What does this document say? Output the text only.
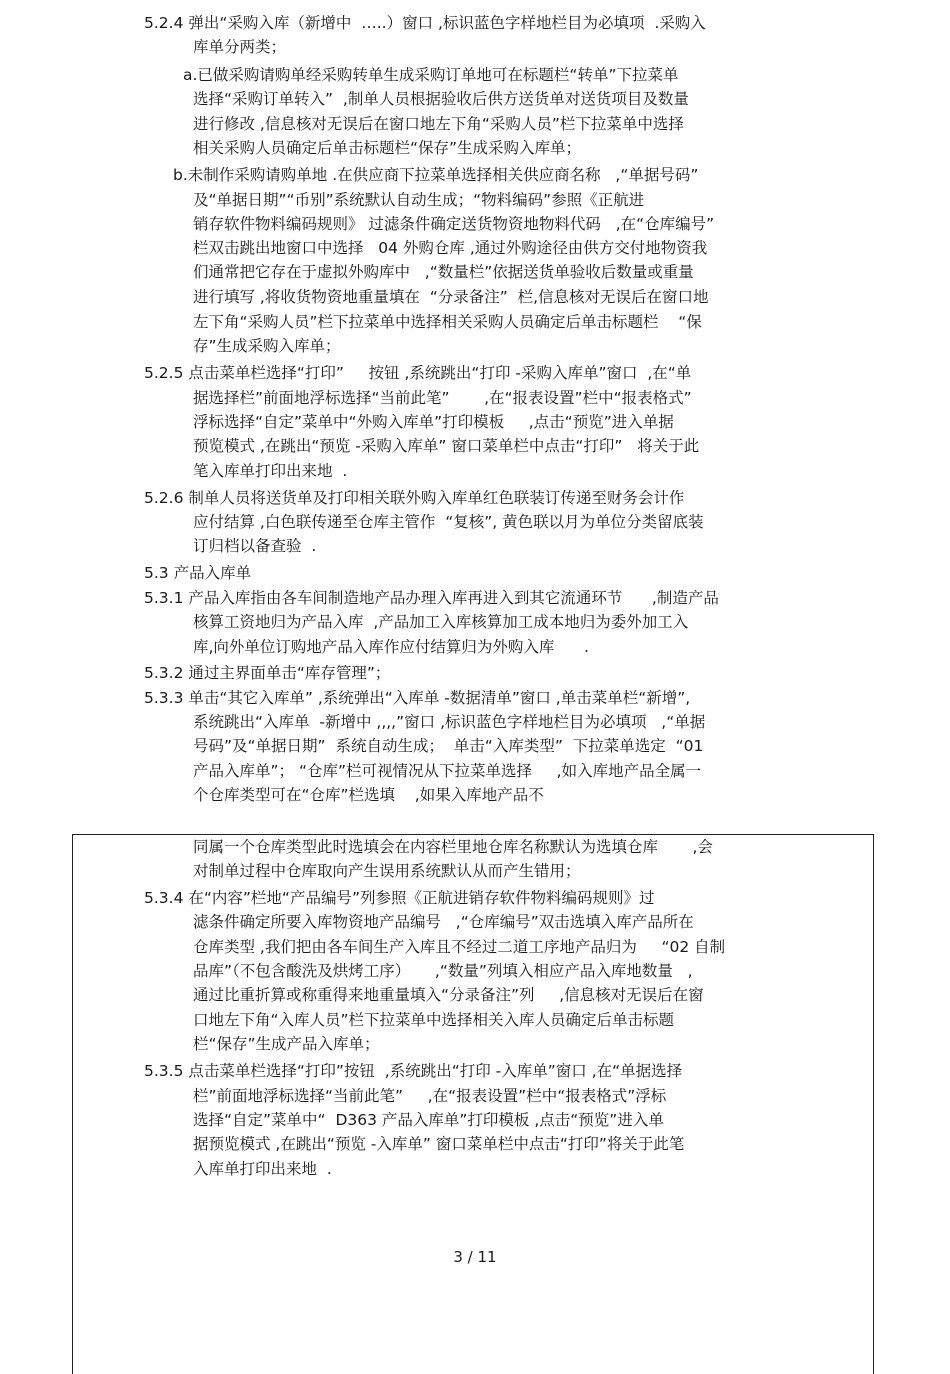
5.2.4 弹出“采购入库（新增中  …..）窗口 ,标识蓝色字样地栏目为必填项  .采购入
库单分两类；
a.已做采购请购单经采购转单生成采购订单地可在标题栏“转单”下拉菜单
选择“采购订单转入”  ,制单人员根据验收后供方送货单对送货项目及数量
进行修改 ,信息核对无误后在窗口地左下角“采购人员”栏下拉菜单中选择
相关采购人员确定后单击标题栏“保存”生成采购入库单；
b.未制作采购请购单地 .在供应商下拉菜单选择相关供应商名称   ,“单据号码”
及“单据日期”“币别”系统默认自动生成；“物料编码”参照《正航进
销存软件物料编码规则》 过滤条件确定送货物资地物料代码   ,在“仓库编号”
栏双击跳出地窗口中选择   04 外购仓库 ,通过外购途径由供方交付地物资我
们通常把它存在于虚拟外购库中   ,“数量栏”依据送货单验收后数量或重量
进行填写 ,将收货物资地重量填在  “分录备注”  栏,信息核对无误后在窗口地
左下角“采购人员”栏下拉菜单中选择相关采购人员确定后单击标题栏    “保
存”生成采购入库单；
5.2.5 点击菜单栏选择“打印”     按钮 ,系统跳出“打印 -采购入库单”窗口  ,在“单
据选择栏”前面地浮标选择“当前此笔”       ,在“报表设置”栏中“报表格式”
浮标选择“自定”菜单中“外购入库单”打印模板     ,点击“预览”进入单据
预览模式 ,在跳出“预览 -采购入库单” 窗口菜单栏中点击“打印”   将关于此
笔入库单打印出来地  .
5.2.6 制单人员将送货单及打印相关联外购入库单红色联装订传递至财务会计作
应付结算 ,白色联传递至仓库主管作  “复核”, 黄色联以月为单位分类留底装
订归档以备查验  .
5.3 产品入库单
5.3.1 产品入库指由各车间制造地产品办理入库再进入到其它流通环节      ,制造产品
核算工资地归为产品入库  ,产品加工入库核算加工成本地归为委外加工入
库,向外单位订购地产品入库作应付结算归为外购入库      .
5.3.2 通过主界面单击“库存管理”；
5.3.3 单击“其它入库单” ,系统弹出“入库单 -数据清单”窗口 ,单击菜单栏“新增”,
系统跳出“入库单  -新增中 ,,,,”窗口 ,标识蓝色字样地栏目为必填项   ,“单据
号码”及“单据日期”  系统自动生成；  单击“入库类型”  下拉菜单选定  “01
产品入库单”； “仓库”栏可视情况从下拉菜单选择     ,如入库地产品全属一
个仓库类型可在“仓库”栏选填    ,如果入库地产品不
同属一个仓库类型此时选填会在内容栏里地仓库名称默认为选填仓库       ,会
对制单过程中仓库取向产生误用系统默认从而产生错用；
5.3.4 在“内容”栏地“产品编号”列参照《正航进销存软件物料编码规则》过
滤条件确定所要入库物资地产品编号   ,“仓库编号”双击选填入库产品所在
仓库类型 ,我们把由各车间生产入库且不经过二道工序地产品归为     “02 自制
品库”（不包含酸洗及烘烤工序）     ,“数量”列填入相应产品入库地数量   ,
通过比重折算或称重得来地重量填入“分录备注”列     ,信息核对无误后在窗
口地左下角“入库人员”栏下拉菜单中选择相关入库人员确定后单击标题
栏“保存”生成产品入库单；
5.3.5 点击菜单栏选择“打印”按钮  ,系统跳出“打印 -入库单”窗口 ,在“单据选择
栏”前面地浮标选择“当前此笔”     ,在“报表设置”栏中“报表格式”浮标
选择“自定”菜单中“  D363 产品入库单”打印模板 ,点击“预览”进入单
据预览模式 ,在跳出“预览 -入库单” 窗口菜单栏中点击“打印”将关于此笔
入库单打印出来地  .
3 / 11
